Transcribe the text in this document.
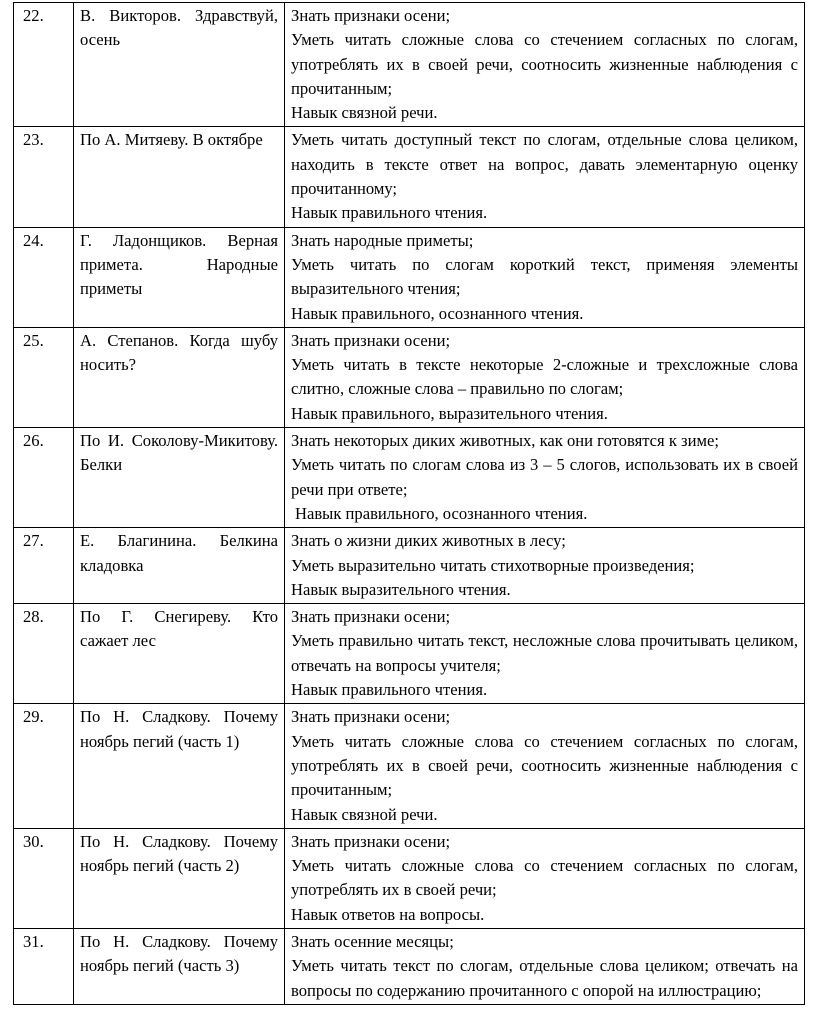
22.	В. Викторов. Здравствуй, осень	Знать признаки осени;
Уметь читать сложные слова со стечением согласных по слогам, употреблять их в своей речи, соотносить жизненные наблюдения с прочитанным;
Навык связной речи.

23.	По А. Митяеву. В октябре	Уметь читать доступный текст по слогам, отдельные слова целиком, находить в тексте ответ на вопрос, давать элементарную оценку прочитанному;
Навык правильного чтения.

24.	Г. Ладонщиков. Верная примета. Народные приметы	Знать народные приметы;
Уметь читать по слогам короткий текст, применяя элементы выразительного чтения;
Навык правильного, осознанного чтения.

25.	А. Степанов. Когда шубу носить?	Знать признаки осени;
Уметь читать в тексте некоторые 2-сложные и трехсложные слова слитно, сложные слова – правильно по слогам;
Навык правильного, выразительного чтения.

26.	По И. Соколову-Микитову. Белки	Знать некоторых диких животных, как они готовятся к зиме;
Уметь читать по слогам слова из 3 – 5 слогов, использовать их в своей речи при ответе;
Навык правильного, осознанного чтения.

27.	Е. Благинина. Белкина кладовка	Знать о жизни диких животных в лесу;
Уметь выразительно читать стихотворные произведения;
Навык выразительного чтения.

28.	По Г. Снегиреву. Кто сажает лес	Знать признаки осени;
Уметь правильно читать текст, несложные слова прочитывать целиком, отвечать на вопросы учителя;
Навык правильного чтения.

29.	По Н. Сладкову. Почему ноябрь пегий (часть 1)	Знать признаки осени;
Уметь читать сложные слова со стечением согласных по слогам, употреблять их в своей речи, соотносить жизненные наблюдения с прочитанным;
Навык связной речи.

30.	По Н. Сладкову. Почему ноябрь пегий (часть 2)	Знать признаки осени;
Уметь читать сложные слова со стечением согласных по слогам, употреблять их в своей речи;
Навык ответов на вопросы.

31.	По Н. Сладкову. Почему ноябрь пегий (часть 3)	Знать осенние месяцы;
Уметь читать текст по слогам, отдельные слова целиком; отвечать на вопросы по содержанию прочитанного с опорой на иллюстрацию;
